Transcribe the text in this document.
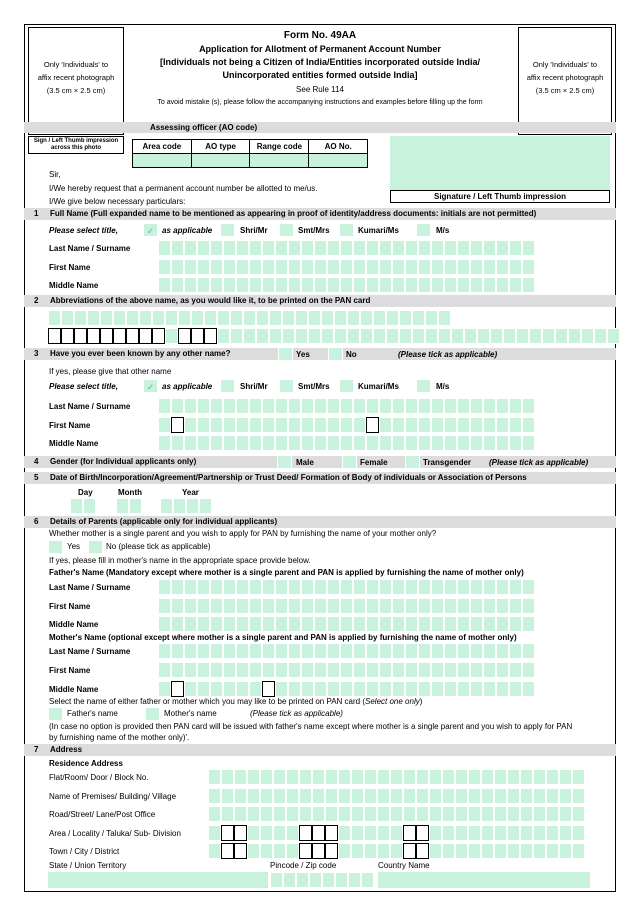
Form No. 49AA
Application for Allotment of Permanent Account Number
[Individuals not being a Citizen of India/Entities incorporated outside India/
Unincorporated entities formed outside India]
See Rule 114
To avoid mistake (s), please follow the accompanying instructions and examples before filling up the form
Only 'Individuals' to
affix recent photograph
(3.5 cm × 2.5 cm)
Only 'Individuals' to
affix recent photograph
(3.5 cm × 2.5 cm)
Assessing officer (AO code)
Sign / Left Thumb impression across this photo	Area code	AO type	Range code	AO No.

Signature / Left Thumb impression
Sir,
I/We hereby request that a permanent account number be allotted to me/us.
I/We give below necessary particulars:
1 Full Name (Full expanded name to be mentioned as appearing in proof of identity/address documents: initials are not permitted)
Please select title,	✓ as applicable	Shri/Mr	Smt/Mrs	Kumari/Ms	M/s
Last Name / Surname
First Name
Middle Name
2 Abbreviations of the above name, as you would like it, to be printed on the PAN card
3 Have you ever been known by any other name?	Yes	No	(Please tick as applicable)
If yes, please give that other name
Please select title,	✓ as applicable	Shri/Mr	Smt/Mrs	Kumari/Ms	M/s
Last Name / Surname
First Name
Middle Name
4 Gender (for Individual applicants only)	Male	Female	Transgender (Please tick as applicable)
5 Date of Birth/Incorporation/Agreement/Partnership or Trust Deed/ Formation of Body of individuals or Association of Persons
Day	Month	Year
6 Details of Parents (applicable only for individual applicants)
Whether mother is a single parent and you wish to apply for PAN by furnishing the name of your mother only?
Yes	No (please tick as applicable)
If yes, please fill in mother's name in the appropriate space provide below.
Father's Name (Mandatory except where mother is a single parent and PAN is applied by furnishing the name of mother only)
Last Name / Surname
First Name
Middle Name
Mother's Name (optional except where mother is a single parent and PAN is applied by furnishing the name of mother only)
Last Name / Surname
First Name
Middle Name
Select the name of either father or mother which you may like to be printed on PAN card (Select one only)
Father's name	Mother's name	(Please tick as applicable)
(In case no option is provided then PAN card will be issued with father's name except where mother is a single parent and you wish to apply for PAN
by furnishing name of the mother only)'.
7 Address
Residence Address
Flat/Room/ Door / Block No.
Name of Premises/ Building/ Village
Road/Street/ Lane/Post Office
Area / Locality / Taluka/ Sub- Division
Town / City / District
State / Union Territory	Pincode / Zip code	Country Name
